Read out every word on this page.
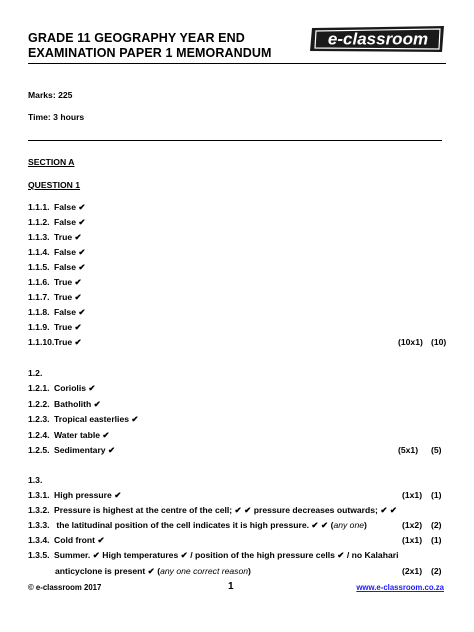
GRADE 11 GEOGRAPHY YEAR END
EXAMINATION PAPER 1 MEMORANDUM
e-classroom
Marks: 225
Time: 3 hours
SECTION A
QUESTION 1
1.1.1. False ✔
1.1.2. False ✔
1.1.3. True ✔
1.1.4. False ✔
1.1.5. False ✔
1.1.6. True ✔
1.1.7. True ✔
1.1.8. False ✔
1.1.9. True ✔
1.1.10.True ✔	(10x1) (10)
1.2.
1.2.1. Coriolis ✔
1.2.2. Batholith ✔
1.2.3. Tropical easterlies ✔
1.2.4. Water table ✔
1.2.5. Sedimentary ✔	(5x1) (5)
1.3.
1.3.1. High pressure ✔	(1x1) (1)
1.3.2. Pressure is highest at the centre of the cell; ✔ ✔ pressure decreases outwards; ✔ ✔
1.3.3. the latitudinal position of the cell indicates it is high pressure. ✔ ✔ (any one)	(1x2) (2)
1.3.4. Cold front ✔	(1x1) (1)
1.3.5. Summer. ✔ High temperatures ✔ / position of the high pressure cells ✔ / no Kalahari
anticyclone is present ✔ (any one correct reason)	(2x1) (2)
© e-classroom 2017	1	www.e-classroom.co.za
